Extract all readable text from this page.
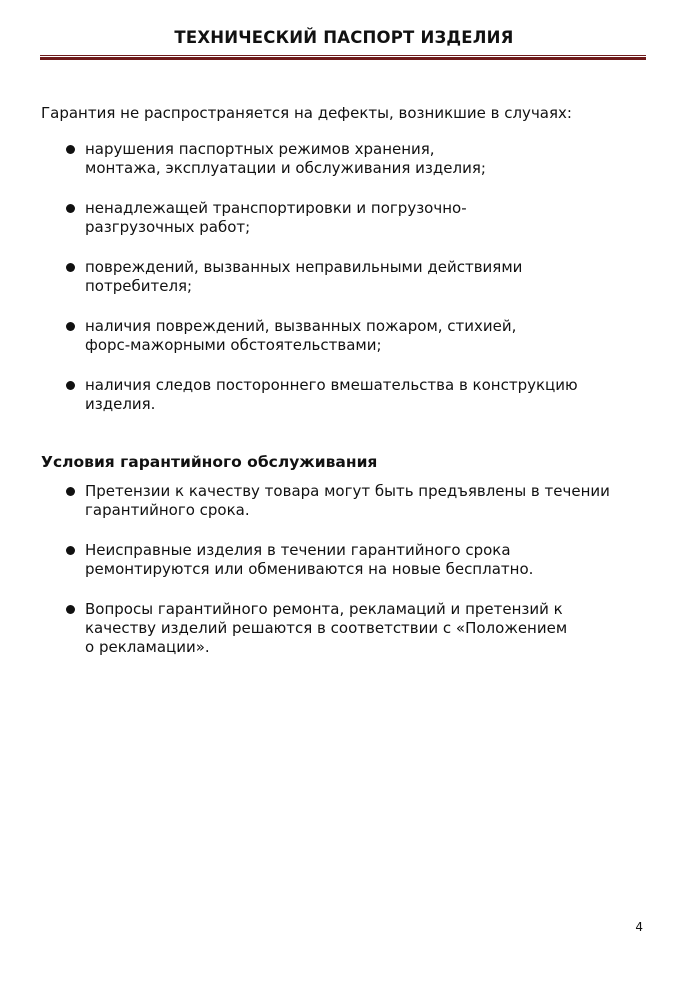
ТЕХНИЧЕСКИЙ ПАСПОРТ ИЗДЕЛИЯ

Гарантия не распространяется на дефекты, возникшие в случаях:

нарушения паспортных режимов хранения,
монтажа, эксплуатации и обслуживания изделия;
ненадлежащей транспортировки и погрузочно-
разгрузочных работ;
повреждений, вызванных неправильными действиями
потребителя;
наличия повреждений, вызванных пожаром, стихией,
форс-мажорными обстоятельствами;
наличия следов постороннего вмешательства в конструкцию
изделия.
Условия гарантийного обслуживания
Претензии к качеству товара могут быть предъявлены в течении
гарантийного срока.
Неисправные изделия в течении гарантийного срока
ремонтируются или обмениваются на новые бесплатно.
Вопросы гарантийного ремонта, рекламаций и претензий к
качеству изделий решаются в соответствии с «Положением
о рекламации».
4
